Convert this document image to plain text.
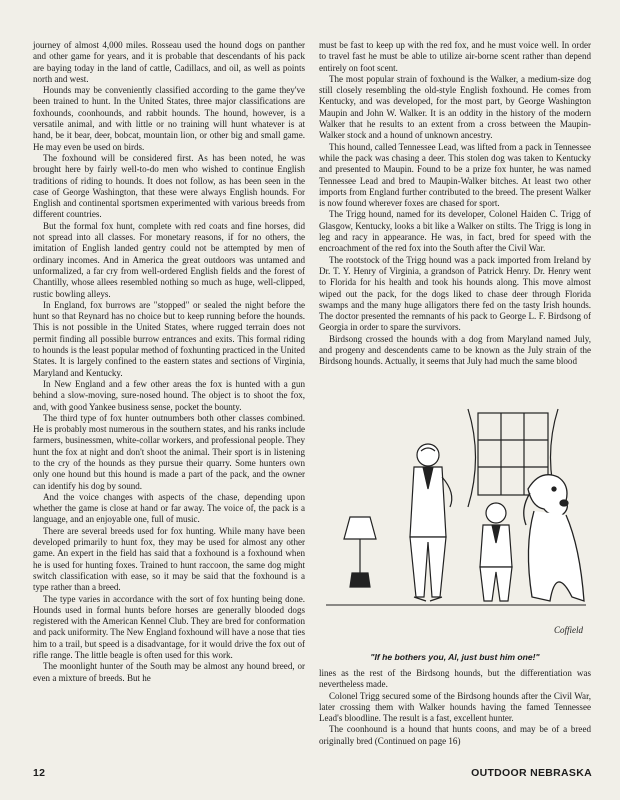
journey of almost 4,000 miles. Rosseau used the hound dogs on panther and other game for years, and it is probable that descendants of his pack are baying today in the land of cattle, Cadillacs, and oil, as well as points north and west.

Hounds may be conveniently classified according to the game they've been trained to hunt. In the United States, three major classifications are foxhounds, coonhounds, and rabbit hounds. The hound, however, is a versatile animal, and with little or no training will hunt whatever is at hand, be it bear, deer, bobcat, mountain lion, or other big and small game. He may even be used on birds.

The foxhound will be considered first. As has been noted, he was brought here by fairly well-to-do men who wished to continue English traditions of riding to hounds. It does not follow, as has been seen in the case of George Washington, that these were always English hounds. For English and continental sportsmen experimented with various breeds from different countries.

But the formal fox hunt, complete with red coats and fine horses, did not spread into all classes. For monetary reasons, if for no others, the imitation of English landed gentry could not be attempted by men of ordinary incomes. And in America the great outdoors was untamed and unformalized, a far cry from well-ordered English fields and the forest of Chantilly, whose allees resembled nothing so much as huge, well-clipped, rustic bowling alleys.

In England, fox burrows are "stopped" or sealed the night before the hunt so that Reynard has no choice but to keep running before the hounds. This is not possible in the United States, where rugged terrain does not permit finding all possible burrow entrances and exits. This formal riding to hounds is the least popular method of foxhunting practiced in the United States. It is largely confined to the eastern states and sections of Virginia, Maryland and Kentucky.

In New England and a few other areas the fox is hunted with a gun behind a slow-moving, sure-nosed hound. The object is to shoot the fox, and, with good Yankee business sense, pocket the bounty.

The third type of fox hunter outnumbers both other classes combined. He is probably most numerous in the southern states, and his ranks include farmers, businessmen, white-collar workers, and professional people. They hunt the fox at night and don't shoot the animal. Their sport is in listening to the cry of the hounds as they pursue their quarry. Some hunters own only one hound but this hound is made a part of the pack, and the owner can identify his dog by sound.

And the voice changes with aspects of the chase, depending upon whether the game is close at hand or far away. The voice of, the pack is a language, and an enjoyable one, full of music.

There are several breeds used for fox hunting. While many have been developed primarily to hunt fox, they may be used for almost any other game. An expert in the field has said that a foxhound is a foxhound when he is used for hunting foxes. Trained to hunt raccoon, the same dog might switch classification with ease, so it may be said that the foxhound is a type rather than a breed.

The type varies in accordance with the sort of fox hunting being done. Hounds used in formal hunts before horses are generally blooded dogs registered with the American Kennel Club. They are bred for conformation and pack uniformity. The New England foxhound will have a nose that ties him to a trail, but speed is a disadvantage, for it would drive the fox out of rifle range. The little beagle is often used for this work.

The moonlight hunter of the South may be almost any hound breed, or even a mixture of breeds. But he

must be fast to keep up with the red fox, and he must voice well. In order to travel fast he must be able to utilize air-borne scent rather than depend entirely on foot scent.

The most popular strain of foxhound is the Walker, a medium-size dog still closely resembling the old-style English foxhound. He comes from Kentucky, and was developed, for the most part, by George Washington Maupin and John W. Walker. It is an oddity in the history of the modern Walker that he results to an extent from a cross between the Maupin-Walker stock and a hound of unknown ancestry.

This hound, called Tennessee Lead, was lifted from a pack in Tennessee while the pack was chasing a deer. This stolen dog was taken to Kentucky and presented to Maupin. Found to be a prize fox hunter, he was named Tennessee Lead and bred to Maupin-Walker bitches. At least two other imports from England further contributed to the breed. The present Walker is now found wherever foxes are chased for sport.

The Trigg hound, named for its developer, Colonel Haiden C. Trigg of Glasgow, Kentucky, looks a bit like a Walker on stilts. The Trigg is long in leg and racy in appearance. He was, in fact, bred for speed with the encroachment of the red fox into the South after the Civil War.

The rootstock of the Trigg hound was a pack imported from Ireland by Dr. T. Y. Henry of Virginia, a grandson of Patrick Henry. Dr. Henry went to Florida for his health and took his hounds along. This move almost wiped out the pack, for the dogs liked to chase deer through Florida swamps and the many huge alligators there fed on the tasty Irish hounds. The doctor presented the remnants of his pack to George L. F. Birdsong of Georgia in order to spare the survivors.

Birdsong crossed the hounds with a dog from Maryland named July, and progeny and descendents came to be known as the July strain of the Birdsong hounds. Actually, it seems that July had much the same blood

Coffield
"If he bothers you, Al, just bust him one!"

lines as the rest of the Birdsong hounds, but the differentiation was nevertheless made.

Colonel Trigg secured some of the Birdsong hounds after the Civil War, later crossing them with Walker hounds having the famed Tennessee Lead's bloodline. The result is a fast, excellent hunter.

The coonhound is a hound that hunts coons, and may be of a breed originally bred (Continued on page 16)

12	OUTDOOR NEBRASKA
